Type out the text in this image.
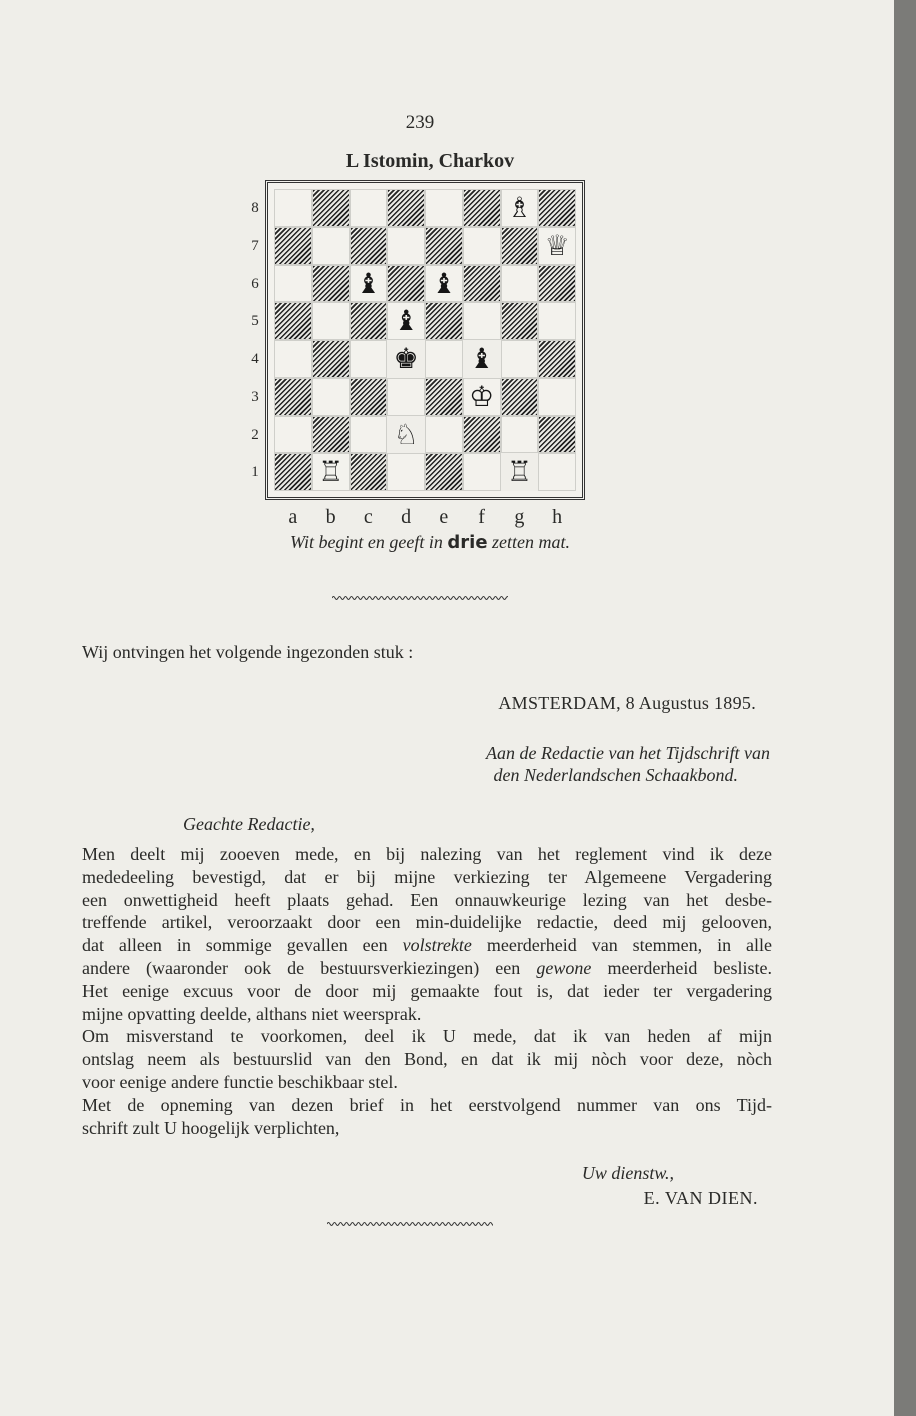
239
L Istomin, Charkov
8
7
6
5
4
3
2
1
♗
♕
♝ ♝
♝
♚ ♝
♔
♘
♖	♖
a	b	c	d	e	f	g	h
Wit begint en geeft in drie zetten mat.
Wij ontvingen het volgende ingezonden stuk :
AMSTERDAM, 8 Augustus 1895.
Aan de Redactie van het Tijdschrift van
den Nederlandschen Schaakbond.
Geachte Redactie,
Men deelt mij zooeven mede, en bij nalezing van het reglement vind ik deze
mededeeling bevestigd, dat er bij mijne verkiezing ter Algemeene Vergadering
een onwettigheid heeft plaats gehad. Een onnauwkeurige lezing van het desbe-
treffende artikel, veroorzaakt door een min-duidelijke redactie, deed mij gelooven,
dat alleen in sommige gevallen een volstrekte meerderheid van stemmen, in alle
andere (waaronder ook de bestuursverkiezingen) een gewone meerderheid besliste.
Het eenige excuus voor de door mij gemaakte fout is, dat ieder ter vergadering
mijne opvatting deelde, althans niet weersprak.
Om misverstand te voorkomen, deel ik U mede, dat ik van heden af mijn
ontslag neem als bestuurslid van den Bond, en dat ik mij nòch voor deze, nòch
voor eenige andere functie beschikbaar stel.
Met de opneming van dezen brief in het eerstvolgend nummer van ons Tijd-
schrift zult U hoogelijk verplichten,
Uw dienstw.,
E. VAN DIEN.
